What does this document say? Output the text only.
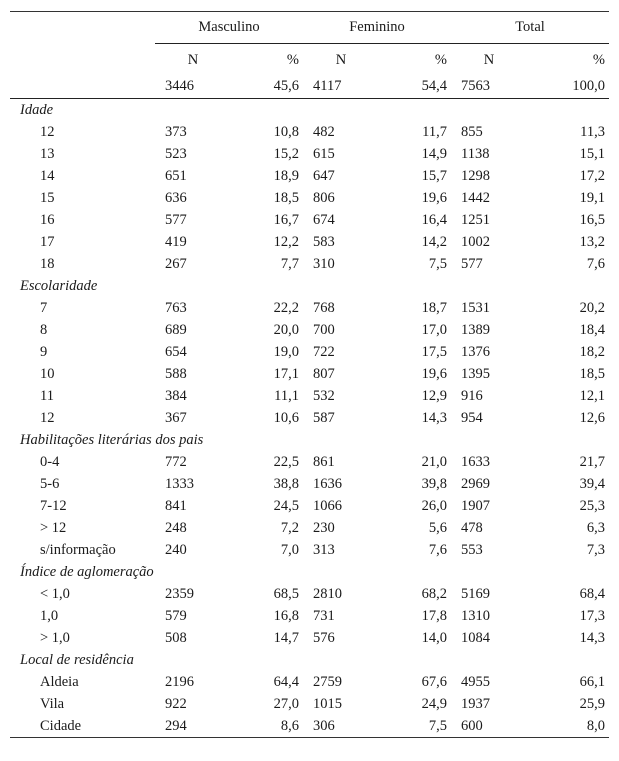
	Masculino		Feminino		Total	
	N	%	N	%	N	%
	3446	45,6	4117	54,4	7563	100,0
Idade						
12	373	10,8	482	11,7	855	11,3
13	523	15,2	615	14,9	1138	15,1
14	651	18,9	647	15,7	1298	17,2
15	636	18,5	806	19,6	1442	19,1
16	577	16,7	674	16,4	1251	16,5
17	419	12,2	583	14,2	1002	13,2
18	267	7,7	310	7,5	577	7,6
Escolaridade						
7	763	22,2	768	18,7	1531	20,2
8	689	20,0	700	17,0	1389	18,4
9	654	19,0	722	17,5	1376	18,2
10	588	17,1	807	19,6	1395	18,5
11	384	11,1	532	12,9	916	12,1
12	367	10,6	587	14,3	954	12,6
Habilitações literárias dos pais						
0-4	772	22,5	861	21,0	1633	21,7
5-6	1333	38,8	1636	39,8	2969	39,4
7-12	841	24,5	1066	26,0	1907	25,3
> 12	248	7,2	230	5,6	478	6,3
s/informação	240	7,0	313	7,6	553	7,3
Índice de aglomeração						
< 1,0	2359	68,5	2810	68,2	5169	68,4
1,0	579	16,8	731	17,8	1310	17,3
> 1,0	508	14,7	576	14,0	1084	14,3
Local de residência						
Aldeia	2196	64,4	2759	67,6	4955	66,1
Vila	922	27,0	1015	24,9	1937	25,9
Cidade	294	8,6	306	7,5	600	8,0
